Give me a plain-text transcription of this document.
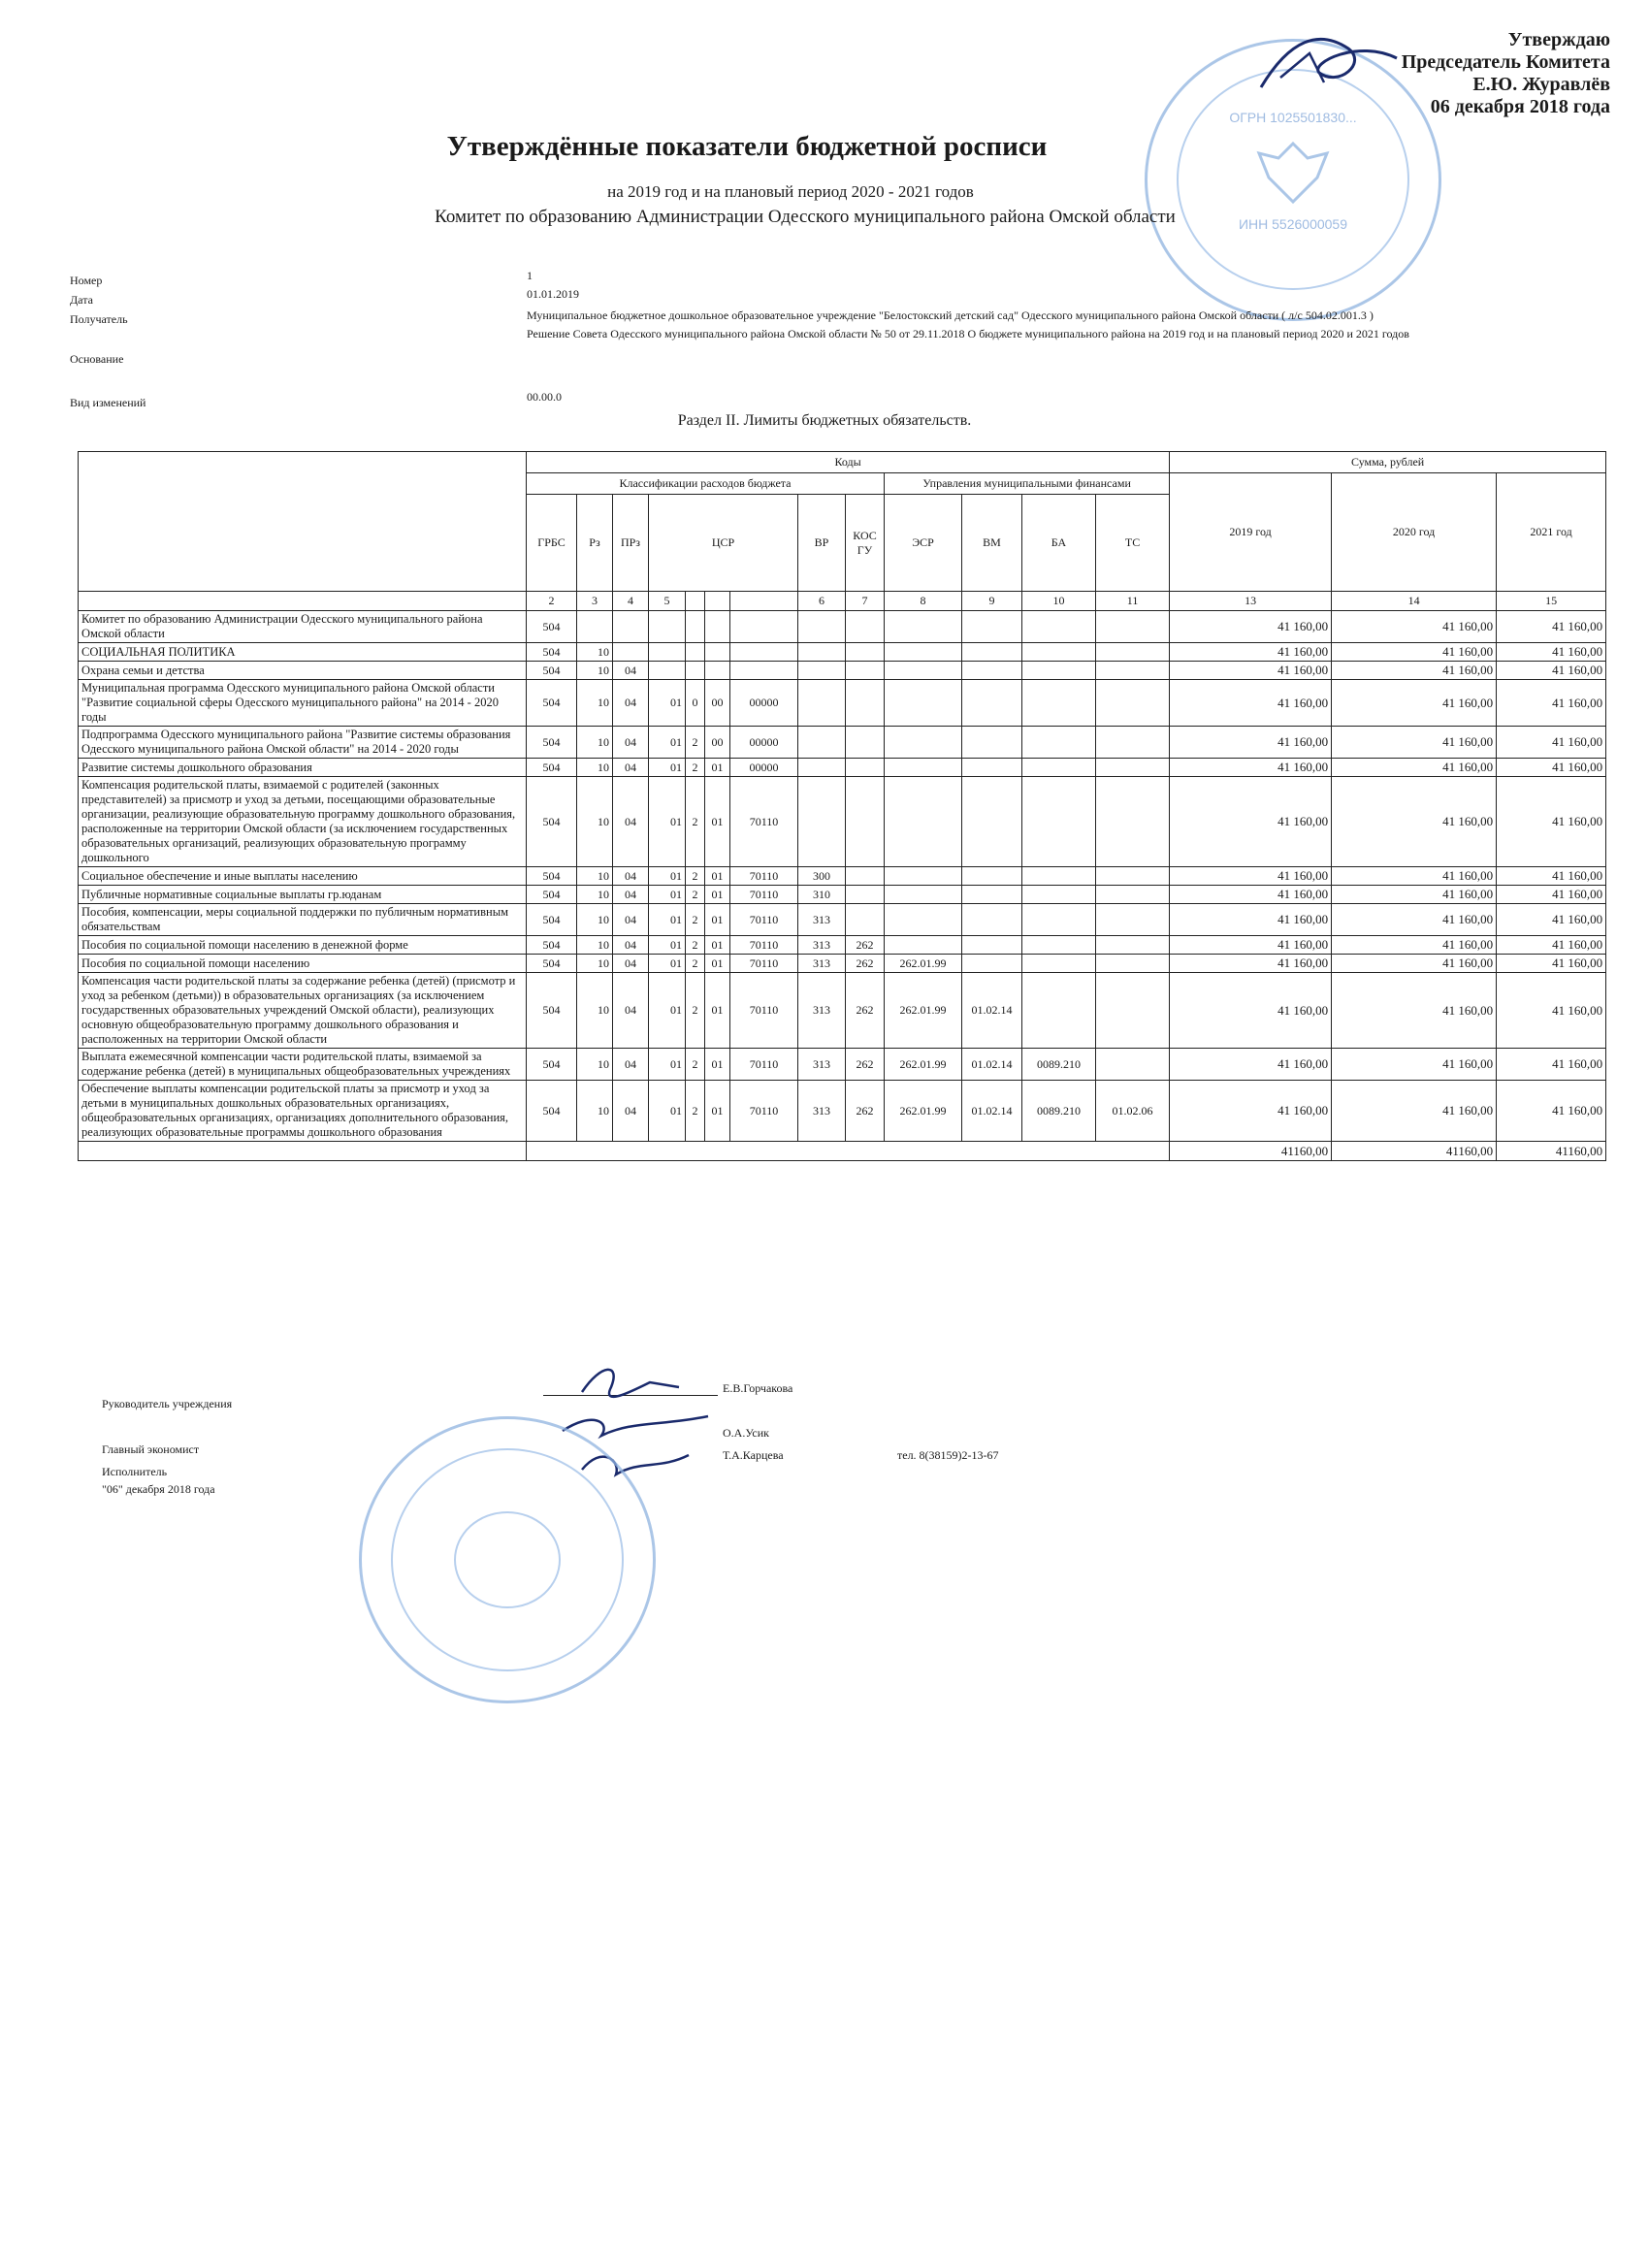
Утверждаю
Председатель Комитета
Е.Ю. Журавлёв
06 декабря 2018 года
ИНН 5526000059
ОГРН 1025501830...
Утверждённые показатели бюджетной росписи
на 2019 год и на плановый период 2020 - 2021 годов
Комитет по образованию Администрации Одесского муниципального района Омской области
Номер	1
Дата	01.01.2019
Получатель	Муниципальное бюджетное дошкольное образовательное учреждение "Белостокский детский сад" Одесского муниципального района Омской области ( л/с 504.02.001.3 )
Основание
Решение Совета Одесского муниципального района Омской области № 50 от 29.11.2018 О бюджете муниципального района на 2019 год и на плановый период 2020 и 2021 годов
Вид изменений	00.00.0
Раздел II. Лимиты бюджетных обязательств.
	Коды													Сумма, рублей		
	Классификации расходов бюджета									Управления муниципальными финансами				2019 год	2020 год	2021 год
	ГРБС	Рз	ПРз	ЦСР				ВР	КОС ГУ	ЭСР	ВМ	БА	ТС			
	2	3	4	5				6	7	8	9	10	11	13	14	15
Комитет по образованию Администрации Одесского муниципального района Омской области	504													41 160,00	41 160,00	41 160,00
СОЦИАЛЬНАЯ ПОЛИТИКА	504	10												41 160,00	41 160,00	41 160,00
Охрана семьи и детства	504	10	04											41 160,00	41 160,00	41 160,00
Муниципальная программа Одесского муниципального района Омской области "Развитие социальной сферы Одесского муниципального района" на 2014 - 2020 годы	504	10	04	01	0	00	00000							41 160,00	41 160,00	41 160,00
Подпрограмма Одесского муниципального района "Развитие системы образования Одесского муниципального района Омской области" на 2014 - 2020 годы	504	10	04	01	2	00	00000							41 160,00	41 160,00	41 160,00
Развитие системы дошкольного образования	504	10	04	01	2	01	00000							41 160,00	41 160,00	41 160,00
Компенсация родительской платы, взимаемой с родителей (законных представителей) за присмотр и уход за детьми, посещающими образовательные организации, реализующие образовательную программу дошкольного образования, расположенные на территории Омской области (за исключением государственных образовательных организаций, реализующих образовательную программу дошкольного	504	10	04	01	2	01	70110							41 160,00	41 160,00	41 160,00
Социальное обеспечение и иные выплаты населению	504	10	04	01	2	01	70110	300						41 160,00	41 160,00	41 160,00
Публичные нормативные социальные выплаты гр.юданам	504	10	04	01	2	01	70110	310						41 160,00	41 160,00	41 160,00
Пособия, компенсации, меры социальной поддержки по публичным нормативным обязательствам	504	10	04	01	2	01	70110	313						41 160,00	41 160,00	41 160,00
Пособия по социальной помощи населению в денежной форме	504	10	04	01	2	01	70110	313	262					41 160,00	41 160,00	41 160,00
Пособия по социальной помощи населению	504	10	04	01	2	01	70110	313	262	262.01.99				41 160,00	41 160,00	41 160,00
Компенсация части родительской платы за содержание ребенка (детей) (присмотр и уход за ребенком (детьми)) в образовательных организациях (за исключением государственных образовательных учреждений Омской области), реализующих основную общеобразовательную программу дошкольного образования и расположенных на территории Омской области	504	10	04	01	2	01	70110	313	262	262.01.99	01.02.14			41 160,00	41 160,00	41 160,00
Выплата ежемесячной компенсации части родительской платы, взимаемой за содержание ребенка (детей) в муниципальных общеобразовательных учреждениях	504	10	04	01	2	01	70110	313	262	262.01.99	01.02.14	0089.210		41 160,00	41 160,00	41 160,00
Обеспечение выплаты компенсации родительской платы за присмотр и уход за детьми в муниципальных дошкольных образовательных организациях, общеобразовательных организациях, организациях дополнительного образования, реализующих образовательные программы дошкольного образования	504	10	04	01	2	01	70110	313	262	262.01.99	01.02.14	0089.210	01.02.06	41 160,00	41 160,00	41 160,00
														41160,00	41160,00	41160,00
Руководитель учреждения
Е.В.Горчакова
Главный экономист
О.А.Усик
Исполнитель
Т.А.Карцева	тел. 8(38159)2-13-67
"06" декабря 2018 года
